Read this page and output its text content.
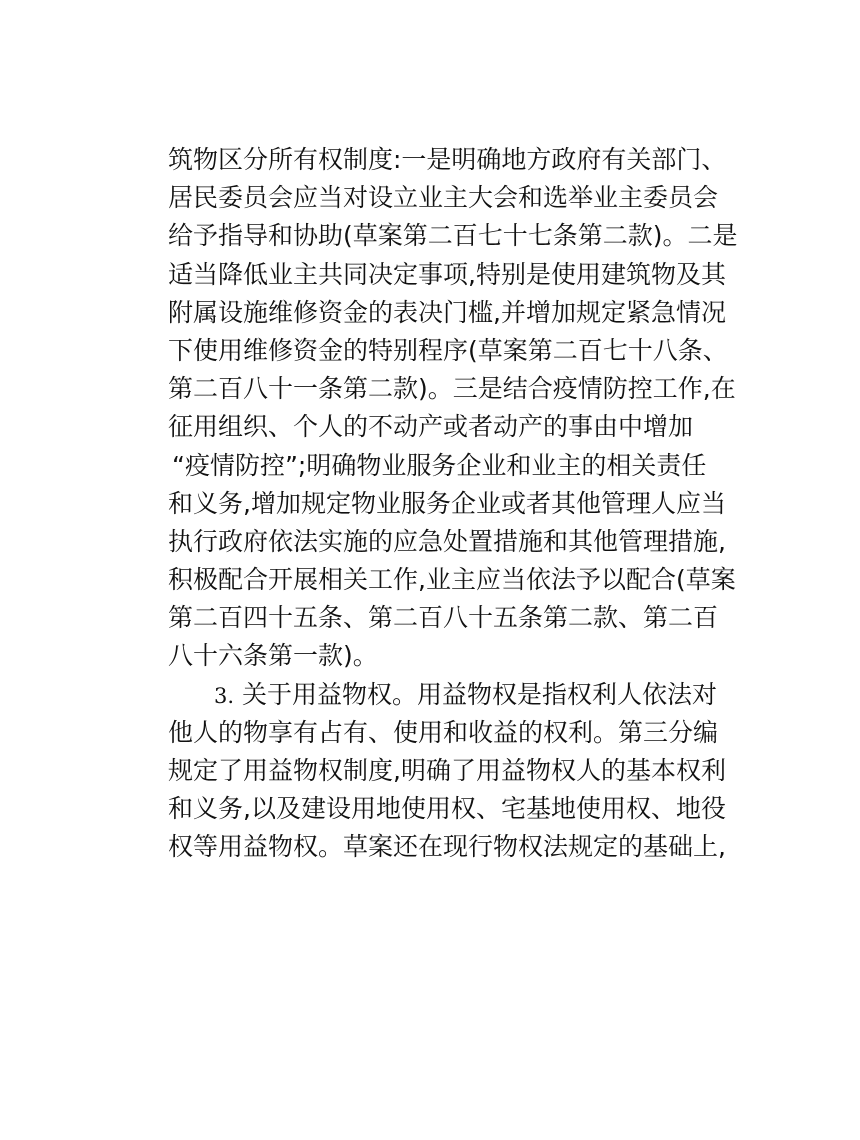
筑物区分所有权制度:一是明确地方政府有关部门、

居民委员会应当对设立业主大会和选举业主委员会

给予指导和协助(草案第二百七十七条第二款)。二是

适当降低业主共同决定事项,特别是使用建筑物及其

附属设施维修资金的表决门槛,并增加规定紧急情况

下使用维修资金的特别程序(草案第二百七十八条、

第二百八十一条第二款)。三是结合疫情防控工作,在

征用组织、个人的不动产或者动产的事由中增加

“疫情防控”;明确物业服务企业和业主的相关责任

和义务,增加规定物业服务企业或者其他管理人应当

执行政府依法实施的应急处置措施和其他管理措施,

积极配合开展相关工作,业主应当依法予以配合(草案

第二百四十五条、第二百八十五条第二款、第二百

八十六条第一款)。

3. 关于用益物权。用益物权是指权利人依法对

他人的物享有占有、使用和收益的权利。第三分编

规定了用益物权制度,明确了用益物权人的基本权利

和义务,以及建设用地使用权、宅基地使用权、地役

权等用益物权。草案还在现行物权法规定的基础上,
